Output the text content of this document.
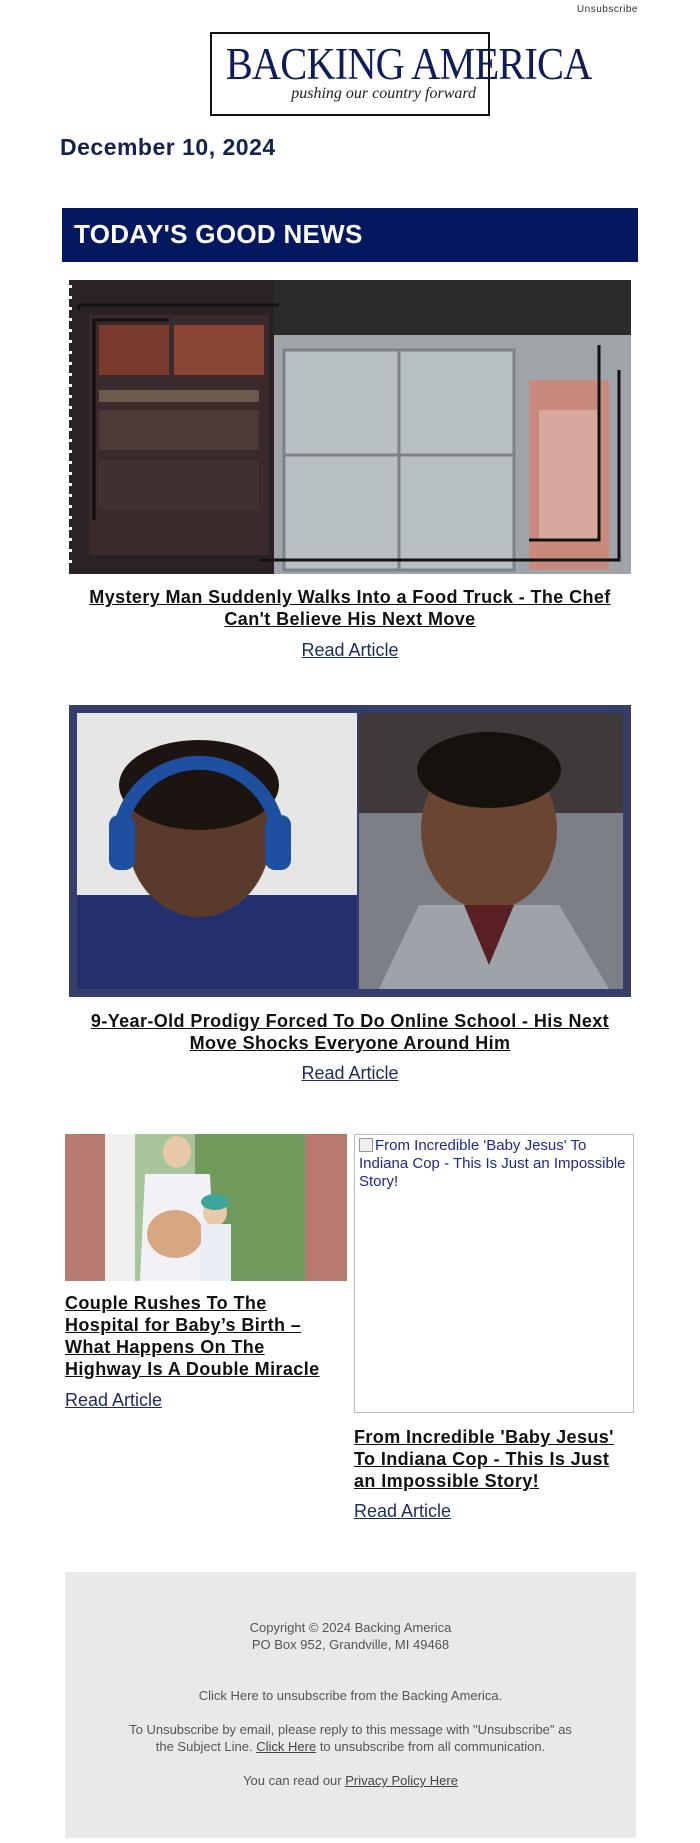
Unsubscribe
BACKING AMERICA
pushing our country forward
December 10, 2024
TODAY'S GOOD NEWS
Mystery Man Suddenly Walks Into a Food Truck - The Chef
Can't Believe His Next Move
Read Article
9-Year-Old Prodigy Forced To Do Online School - His Next
Move Shocks Everyone Around Him
Read Article
Couple Rushes To The
Hospital for Baby’s Birth –
What Happens On The
Highway Is A Double Miracle
Read Article
From Incredible 'Baby Jesus' To Indiana Cop - This Is Just an Impossible Story!
From Incredible 'Baby Jesus'
To Indiana Cop - This Is Just
an Impossible Story!
Read Article
Copyright © 2024 Backing America
PO Box 952, Grandville, MI 49468
Click Here to unsubscribe from the Backing America.
To Unsubscribe by email, please reply to this message with "Unsubscribe" as
the Subject Line. Click Here to unsubscribe from all communication.
You can read our Privacy Policy Here
